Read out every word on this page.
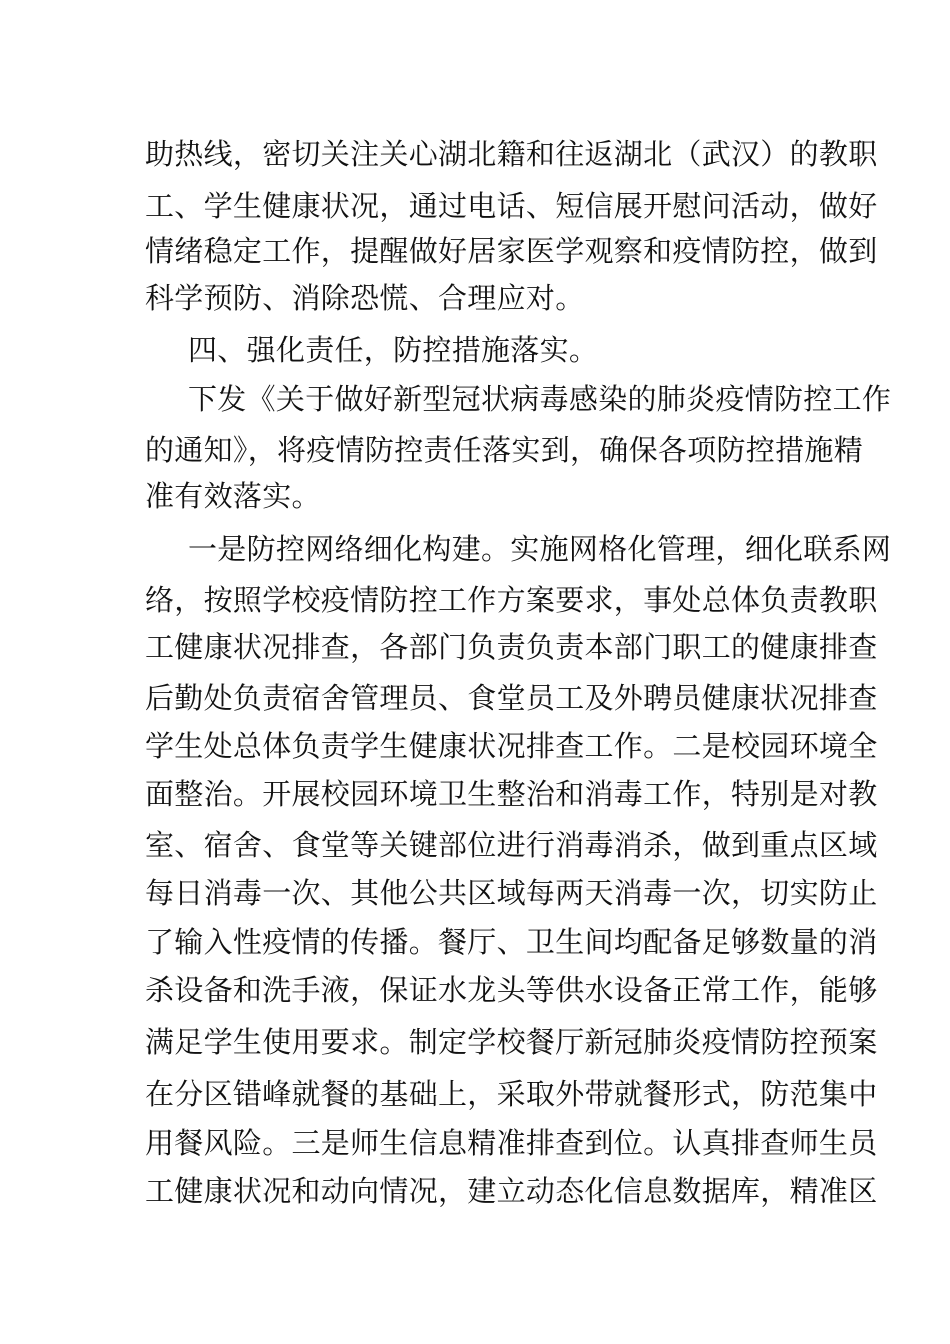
助热线，密切关注关心湖北籍和往返湖北（武汉）的教职
工、学生健康状况，通过电话、短信展开慰问活动，做好
情绪稳定工作，提醒做好居家医学观察和疫情防控，做到
科学预防、消除恐慌、合理应对。
四、强化责任，防控措施落实。
下发《关于做好新型冠状病毒感染的肺炎疫情防控工作
的通知》，将疫情防控责任落实到，确保各项防控措施精
准有效落实。
一是防控网络细化构建。实施网格化管理，细化联系网
络，按照学校疫情防控工作方案要求，事处总体负责教职
工健康状况排查，各部门负责负责本部门职工的健康排查
后勤处负责宿舍管理员、食堂员工及外聘员健康状况排查
学生处总体负责学生健康状况排查工作。二是校园环境全
面整治。开展校园环境卫生整治和消毒工作，特别是对教
室、宿舍、食堂等关键部位进行消毒消杀，做到重点区域
每日消毒一次、其他公共区域每两天消毒一次，切实防止
了输入性疫情的传播。餐厅、卫生间均配备足够数量的消
杀设备和洗手液，保证水龙头等供水设备正常工作，能够
满足学生使用要求。制定学校餐厅新冠肺炎疫情防控预案
在分区错峰就餐的基础上，采取外带就餐形式，防范集中
用餐风险。三是师生信息精准排查到位。认真排查师生员
工健康状况和动向情况，建立动态化信息数据库，精准区
